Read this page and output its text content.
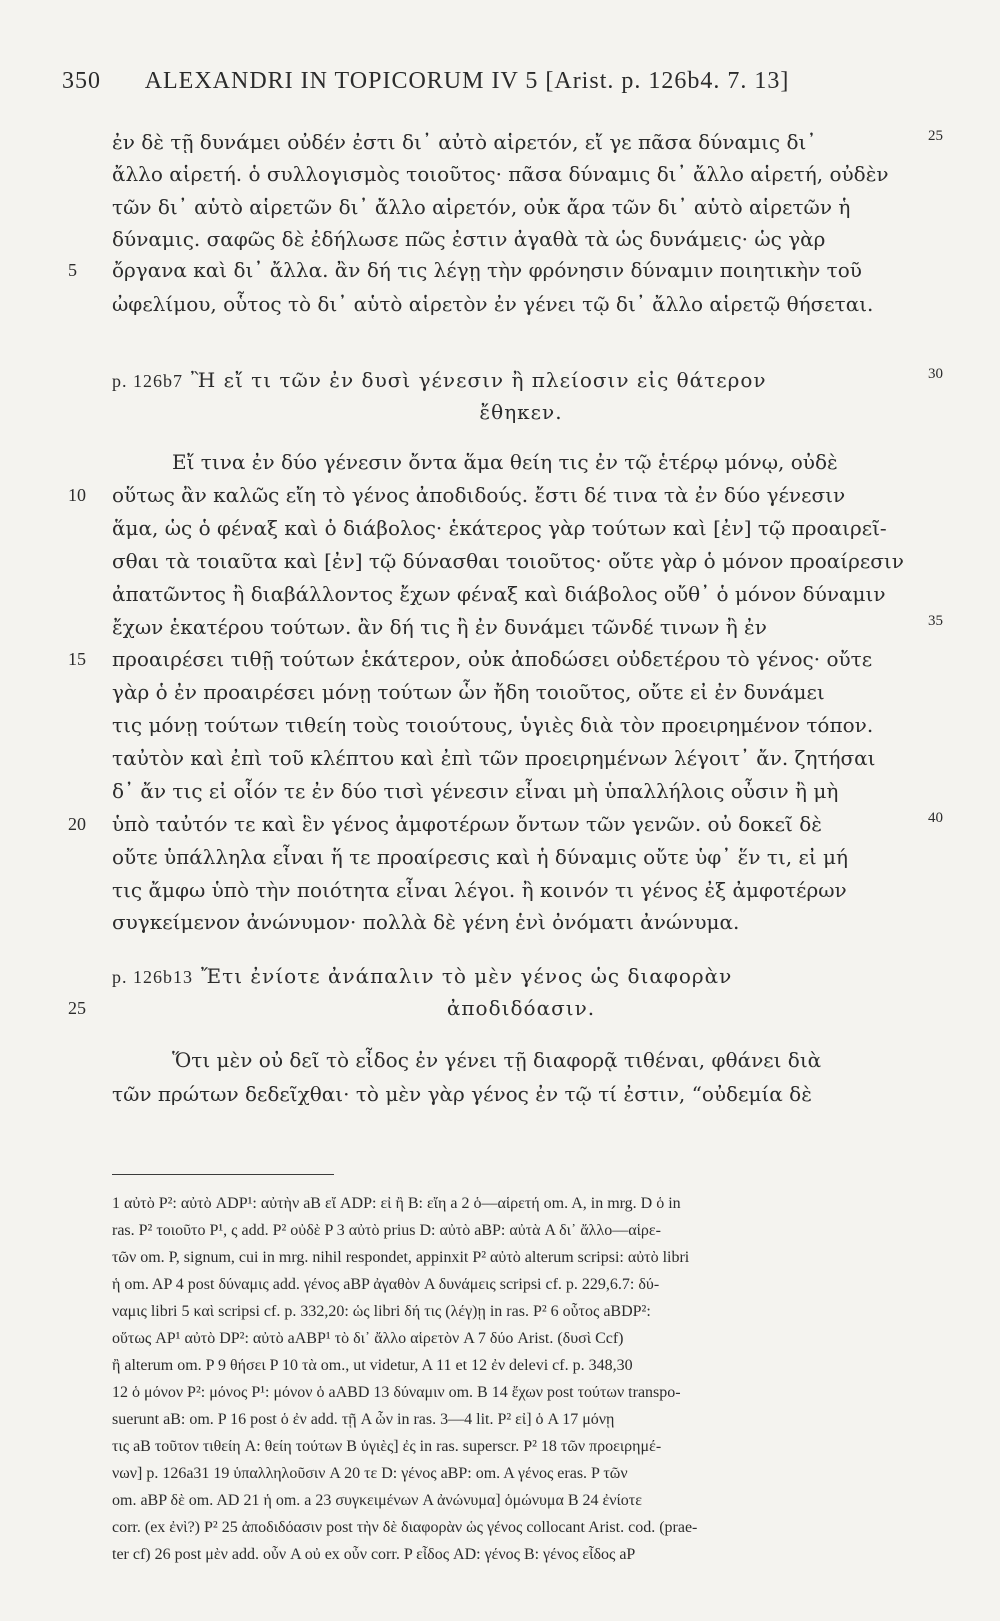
350 ALEXANDRI IN TOPICORUM IV 5 [Arist. p. 126b4. 7. 13]
ἐν δὲ τῇ δυνάμει οὐδέν ἐστι δι᾽ αὐτὸ αἱρετόν, εἴ γε πᾶσα δύναμις δι᾽	25
ἄλλο αἱρετή. ὁ συλλογισμὸς τοιοῦτος· πᾶσα δύναμις δι᾽ ἄλλο αἱρετή, οὐδὲν
τῶν δι᾽ αὑτὸ αἱρετῶν δι᾽ ἄλλο αἱρετόν, οὐκ ἄρα τῶν δι᾽ αὑτὸ αἱρετῶν ἡ
δύναμις. σαφῶς δὲ ἐδήλωσε πῶς ἐστιν ἀγαθὰ τὰ ὡς δυνάμεις· ὡς γὰρ
ὄργανα καὶ δι᾽ ἄλλα. ἂν δή τις λέγῃ τὴν φρόνησιν δύναμιν ποιητικὴν τοῦ
5
ὠφελίμου, οὗτος τὸ δι᾽ αὑτὸ αἱρετὸν ἐν γένει τῷ δι᾽ ἄλλο αἱρετῷ θήσεται.
p. 126b7 Ἢ εἴ τι τῶν ἐν δυσὶ γένεσιν ἢ πλείοσιν εἰς θάτερον	30
ἔθηκεν.
Εἴ τινα ἐν δύο γένεσιν ὄντα ἅμα θείη τις ἐν τῷ ἑτέρῳ μόνῳ, οὐδὲ
οὕτως ἂν καλῶς εἴη τὸ γένος ἀποδιδούς. ἔστι δέ τινα τὰ ἐν δύο γένεσιν
10
ἅμα, ὡς ὁ φέναξ καὶ ὁ διάβολος· ἑκάτερος γὰρ τούτων καὶ [ἐν] τῷ προαιρεῖ-
σθαι τὰ τοιαῦτα καὶ [ἐν] τῷ δύνασθαι τοιοῦτος· οὔτε γὰρ ὁ μόνον προαίρεσιν
ἀπατῶντος ἢ διαβάλλοντος ἔχων φέναξ καὶ διάβολος οὔθ᾽ ὁ μόνον δύναμιν
ἔχων ἑκατέρου τούτων. ἂν δή τις ἢ ἐν δυνάμει τῶνδέ τινων ἢ ἐν	35
προαιρέσει τιθῇ τούτων ἑκάτερον, οὐκ ἀποδώσει οὐδετέρου τὸ γένος· οὔτε
15
γὰρ ὁ ἐν προαιρέσει μόνῃ τούτων ὧν ἤδη τοιοῦτος, οὔτε εἰ ἐν δυνάμει
τις μόνῃ τούτων τιθείη τοὺς τοιούτους, ὑγιὲς διὰ τὸν προειρημένον τόπον.
ταὐτὸν καὶ ἐπὶ τοῦ κλέπτου καὶ ἐπὶ τῶν προειρημένων λέγοιτ᾽ ἄν. ζητήσαι
δ᾽ ἄν τις εἰ οἷόν τε ἐν δύο τισὶ γένεσιν εἶναι μὴ ὑπαλλήλοις οὖσιν ἢ μὴ
ὑπὸ ταὐτόν τε καὶ ἓν γένος ἀμφοτέρων ὄντων τῶν γενῶν. οὐ δοκεῖ δὲ
20	40
οὔτε ὑπάλληλα εἶναι ἥ τε προαίρεσις καὶ ἡ δύναμις οὔτε ὑφ᾽ ἕν τι, εἰ μή
τις ἄμφω ὑπὸ τὴν ποιότητα εἶναι λέγοι. ἢ κοινόν τι γένος ἐξ ἀμφοτέρων
συγκείμενον ἀνώνυμον· πολλὰ δὲ γένη ἑνὶ ὀνόματι ἀνώνυμα.
p. 126b13 Ἔτι ἐνίοτε ἀνάπαλιν τὸ μὲν γένος ὡς διαφορὰν
ἀποδιδόασιν.
25
Ὅτι μὲν οὐ δεῖ τὸ εἶδος ἐν γένει τῇ διαφορᾷ τιθέναι, φθάνει διὰ
τῶν πρώτων δεδεῖχθαι· τὸ μὲν γὰρ γένος ἐν τῷ τί ἐστιν, “οὐδεμία δὲ
1 αὐτὸ P²: αὐτὸ ADP¹: αὐτὴν aB εἴ ADP: εἰ ἢ B: εἴη a 2 ὁ—αἱρετή om. A, in mrg. D ὁ in
ras. P² τοιοῦτο P¹, ς add. P² οὐδὲ P 3 αὐτὸ prius D: αὐτὸ aBP: αὐτὰ A δι᾽ ἄλλο—αἱρε-
τῶν om. P, signum, cui in mrg. nihil respondet, appinxit P² αὐτὸ alterum scripsi: αὐτὸ libri
ἡ om. AP 4 post δύναμις add. γένος aBP ἀγαθὸν A δυνάμεις scripsi cf. p. 229,6.7: δύ-
ναμις libri 5 καὶ scripsi cf. p. 332,20: ὡς libri δή τις (λέγ)ῃ in ras. P² 6 οὗτος aBDP²:
οὕτως AP¹ αὐτὸ DP²: αὐτὸ aABP¹ τὸ δι᾽ ἄλλο αἱρετὸν A 7 δύο Arist. (δυσὶ Ccf)
ἢ alterum om. P 9 θήσει P 10 τὰ om., ut videtur, A 11 et 12 ἐν delevi cf. p. 348,30
12 ὁ μόνον P²: μόνος P¹: μόνον ὁ aABD 13 δύναμιν om. B 14 ἔχων post τούτων transpo-
suerunt aB: om. P 16 post ὁ ἐν add. τῇ A ὧν in ras. 3—4 lit. P² εἰ] ὁ A 17 μόνῃ
τις aB τοῦτον τιθείη A: θείη τούτων B ὑγιὲς] ἐς in ras. superscr. P² 18 τῶν προειρημέ-
νων] p. 126a31 19 ὑπαλληλοῦσιν A 20 τε D: γένος aBP: om. A γένος eras. P τῶν
om. aBP δὲ om. AD 21 ἡ om. a 23 συγκειμένων A ἀνώνυμα] ὁμώνυμα B 24 ἐνίοτε
corr. (ex ἐνὶ?) P² 25 ἀποδιδόασιν post τὴν δὲ διαφορὰν ὡς γένος collocant Arist. cod. (prae-
ter cf) 26 post μὲν add. οὖν A οὐ ex οὖν corr. P εἶδος AD: γένος B: γένος εἶδος aP
